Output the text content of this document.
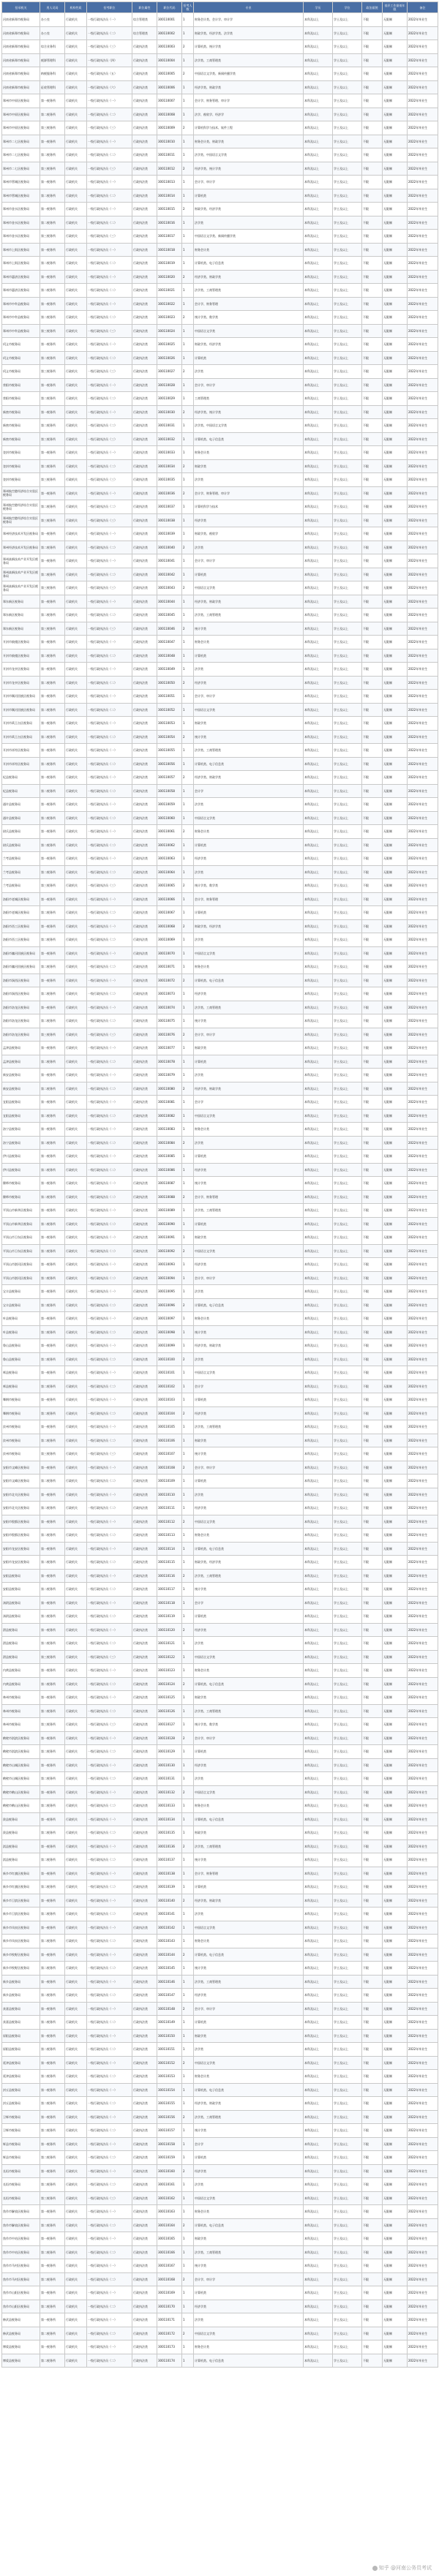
招录机关	用人司局	机构性质	招考职位	职位属性	职位代码	招考人数	专业	学历	学位	政治面貌	基层工作最低年限	备注
河南省新郑市税务局	办公室	行政机关	一级行政执法员（一）	综合管理类	300110001	1	财务会计类、会计学、审计学	本科及以上	学士及以上	不限	无限制	2022年毕业生
河南省新郑市税务局	办公室	行政机关	一级行政执法员（二）	综合管理类	300110002	1	财政学类、经济学类、法学类	本科及以上	学士及以上	不限	无限制	2022年毕业生
河南省新郑市税务局	综合业务科	行政机关	一级行政执法员（三）	行政执法类	300110003	2	计算机类、统计学类	本科及以上	学士及以上	不限	无限制	2022年毕业生
河南省新郑市税务局	税源管理科	行政机关	一级行政执法员（四）	行政执法类	300110004	1	法学类、工商管理类	本科及以上	学士及以上	不限	无限制	2022年毕业生
河南省新郑市税务局	纳税服务科	行政机关	一级行政执法员（五）	行政执法类	300110005	2	中国语言文学类、新闻传播学类	本科及以上	学士及以上	不限	无限制	2022年毕业生
河南省新郑市税务局	征收管理科	行政机关	一级行政执法员（六）	行政执法类	300110006	1	经济学类、财政学类	本科及以上	学士及以上	不限	无限制	2022年毕业生
郑州市中原区税务局	第一税务所	行政机关	一级行政执法员（一）	行政执法类	300110007	1	会计学、财务管理、审计学	本科及以上	学士及以上	不限	无限制	2022年毕业生
郑州市中原区税务局	第二税务所	行政机关	一级行政执法员（二）	行政执法类	300110008	1	法学、税收学、经济学	本科及以上	学士及以上	不限	无限制	2022年毕业生
郑州市中原区税务局	第三税务所	行政机关	一级行政执法员（三）	行政执法类	300110009	2	计算机科学与技术、软件工程	本科及以上	学士及以上	不限	无限制	2022年毕业生
郑州市二七区税务局	第一税务所	行政机关	一级行政执法员（一）	行政执法类	300110010	1	财务会计类、财政学类	本科及以上	学士及以上	不限	无限制	2022年毕业生
郑州市二七区税务局	第二税务所	行政机关	一级行政执法员（二）	行政执法类	300110011	1	法学类、中国语言文学类	本科及以上	学士及以上	不限	无限制	2022年毕业生
郑州市二七区税务局	第三税务所	行政机关	一级行政执法员（三）	行政执法类	300110012	2	经济学类、统计学类	本科及以上	学士及以上	不限	无限制	2022年毕业生
郑州市管城区税务局	第一税务所	行政机关	一级行政执法员（一）	行政执法类	300110013	1	会计学、审计学	本科及以上	学士及以上	不限	无限制	2022年毕业生
郑州市管城区税务局	第二税务所	行政机关	一级行政执法员（二）	行政执法类	300110014	1	计算机类	本科及以上	学士及以上	不限	无限制	2022年毕业生
郑州市金水区税务局	第一税务所	行政机关	一级行政执法员（一）	行政执法类	300110015	2	财政学类、经济学类	本科及以上	学士及以上	不限	无限制	2022年毕业生
郑州市金水区税务局	第二税务所	行政机关	一级行政执法员（二）	行政执法类	300110016	1	法学类	本科及以上	学士及以上	不限	无限制	2022年毕业生
郑州市金水区税务局	第三税务所	行政机关	一级行政执法员（三）	行政执法类	300110017	1	中国语言文学类、新闻传播学类	本科及以上	学士及以上	不限	无限制	2022年毕业生
郑州市上街区税务局	第一税务所	行政机关	一级行政执法员（一）	行政执法类	300110018	1	财务会计类	本科及以上	学士及以上	不限	无限制	2022年毕业生
郑州市上街区税务局	第二税务所	行政机关	一级行政执法员（二）	行政执法类	300110019	1	计算机类、电子信息类	本科及以上	学士及以上	不限	无限制	2022年毕业生
郑州市惠济区税务局	第一税务所	行政机关	一级行政执法员（一）	行政执法类	300110020	2	经济学类、财政学类	本科及以上	学士及以上	不限	无限制	2022年毕业生
郑州市惠济区税务局	第二税务所	行政机关	一级行政执法员（二）	行政执法类	300110021	1	法学类、工商管理类	本科及以上	学士及以上	不限	无限制	2022年毕业生
郑州市中牟县税务局	第一税务所	行政机关	一级行政执法员（一）	行政执法类	300110022	1	会计学、财务管理	本科及以上	学士及以上	不限	无限制	2022年毕业生
郑州市中牟县税务局	第二税务所	行政机关	一级行政执法员（二）	行政执法类	300110023	2	统计学类、数学类	本科及以上	学士及以上	不限	无限制	2022年毕业生
郑州市中牟县税务局	第三税务所	行政机关	一级行政执法员（三）	行政执法类	300110024	1	中国语言文学类	本科及以上	学士及以上	不限	无限制	2022年毕业生
巩义市税务局	第一税务所	行政机关	一级行政执法员（一）	行政执法类	300110025	1	财政学类、经济学类	本科及以上	学士及以上	不限	无限制	2022年毕业生
巩义市税务局	第二税务所	行政机关	一级行政执法员（二）	行政执法类	300110026	1	计算机类	本科及以上	学士及以上	不限	无限制	2022年毕业生
巩义市税务局	第三税务所	行政机关	一级行政执法员（三）	行政执法类	300110027	2	法学类	本科及以上	学士及以上	不限	无限制	2022年毕业生
荥阳市税务局	第一税务所	行政机关	一级行政执法员（一）	行政执法类	300110028	1	会计学、审计学	本科及以上	学士及以上	不限	无限制	2022年毕业生
荥阳市税务局	第二税务所	行政机关	一级行政执法员（二）	行政执法类	300110029	1	工商管理类	本科及以上	学士及以上	不限	无限制	2022年毕业生
新密市税务局	第一税务所	行政机关	一级行政执法员（一）	行政执法类	300110030	2	经济学类、统计学类	本科及以上	学士及以上	不限	无限制	2022年毕业生
新密市税务局	第二税务所	行政机关	一级行政执法员（二）	行政执法类	300110031	1	法学类、中国语言文学类	本科及以上	学士及以上	不限	无限制	2022年毕业生
新密市税务局	第三税务所	行政机关	一级行政执法员（三）	行政执法类	300110032	1	计算机类、电子信息类	本科及以上	学士及以上	不限	无限制	2022年毕业生
登封市税务局	第一税务所	行政机关	一级行政执法员（一）	行政执法类	300110033	1	财务会计类	本科及以上	学士及以上	不限	无限制	2022年毕业生
登封市税务局	第二税务所	行政机关	一级行政执法员（二）	行政执法类	300110034	2	财政学类	本科及以上	学士及以上	不限	无限制	2022年毕业生
登封市税务局	第三税务所	行政机关	一级行政执法员（三）	行政执法类	300110035	1	法学类	本科及以上	学士及以上	不限	无限制	2022年毕业生
郑州航空港经济综合实验区税务局	第一税务所	行政机关	一级行政执法员（一）	行政执法类	300110036	2	会计学、财务管理、审计学	本科及以上	学士及以上	不限	无限制	2022年毕业生
郑州航空港经济综合实验区税务局	第二税务所	行政机关	一级行政执法员（二）	行政执法类	300110037	1	计算机科学与技术	本科及以上	学士及以上	不限	无限制	2022年毕业生
郑州航空港经济综合实验区税务局	第三税务所	行政机关	一级行政执法员（三）	行政执法类	300110038	1	经济学类	本科及以上	学士及以上	不限	无限制	2022年毕业生
郑州经济技术开发区税务局	第一税务所	行政机关	一级行政执法员（一）	行政执法类	300110039	1	财政学类、税收学	本科及以上	学士及以上	不限	无限制	2022年毕业生
郑州经济技术开发区税务局	第二税务所	行政机关	一级行政执法员（二）	行政执法类	300110040	2	法学类	本科及以上	学士及以上	不限	无限制	2022年毕业生
郑州高新技术产业开发区税务局	第一税务所	行政机关	一级行政执法员（一）	行政执法类	300110041	1	会计学、审计学	本科及以上	学士及以上	不限	无限制	2022年毕业生
郑州高新技术产业开发区税务局	第二税务所	行政机关	一级行政执法员（二）	行政执法类	300110042	1	计算机类	本科及以上	学士及以上	不限	无限制	2022年毕业生
郑州高新技术产业开发区税务局	第三税务所	行政机关	一级行政执法员（三）	行政执法类	300110043	2	中国语言文学类	本科及以上	学士及以上	不限	无限制	2022年毕业生
郑东新区税务局	第一税务所	行政机关	一级行政执法员（一）	行政执法类	300110044	1	经济学类、财政学类	本科及以上	学士及以上	不限	无限制	2022年毕业生
郑东新区税务局	第二税务所	行政机关	一级行政执法员（二）	行政执法类	300110045	1	法学类、工商管理类	本科及以上	学士及以上	不限	无限制	2022年毕业生
郑东新区税务局	第三税务所	行政机关	一级行政执法员（三）	行政执法类	300110046	2	统计学类	本科及以上	学士及以上	不限	无限制	2022年毕业生
开封市鼓楼区税务局	第一税务所	行政机关	一级行政执法员（一）	行政执法类	300110047	1	财务会计类	本科及以上	学士及以上	不限	无限制	2022年毕业生
开封市鼓楼区税务局	第二税务所	行政机关	一级行政执法员（二）	行政执法类	300110048	1	计算机类	本科及以上	学士及以上	不限	无限制	2022年毕业生
开封市龙亭区税务局	第一税务所	行政机关	一级行政执法员（一）	行政执法类	300110049	1	法学类	本科及以上	学士及以上	不限	无限制	2022年毕业生
开封市龙亭区税务局	第二税务所	行政机关	一级行政执法员（二）	行政执法类	300110050	2	经济学类	本科及以上	学士及以上	不限	无限制	2022年毕业生
开封市顺河回族区税务局	第一税务所	行政机关	一级行政执法员（一）	行政执法类	300110051	1	会计学、审计学	本科及以上	学士及以上	不限	无限制	2022年毕业生
开封市顺河回族区税务局	第二税务所	行政机关	一级行政执法员（二）	行政执法类	300110052	1	中国语言文学类	本科及以上	学士及以上	不限	无限制	2022年毕业生
开封市禹王台区税务局	第一税务所	行政机关	一级行政执法员（一）	行政执法类	300110053	1	财政学类	本科及以上	学士及以上	不限	无限制	2022年毕业生
开封市禹王台区税务局	第二税务所	行政机关	一级行政执法员（二）	行政执法类	300110054	2	统计学类	本科及以上	学士及以上	不限	无限制	2022年毕业生
开封市祥符区税务局	第一税务所	行政机关	一级行政执法员（一）	行政执法类	300110055	1	法学类、工商管理类	本科及以上	学士及以上	不限	无限制	2022年毕业生
开封市祥符区税务局	第二税务所	行政机关	一级行政执法员（二）	行政执法类	300110056	1	计算机类、电子信息类	本科及以上	学士及以上	不限	无限制	2022年毕业生
杞县税务局	第一税务所	行政机关	一级行政执法员（一）	行政执法类	300110057	2	经济学类、财政学类	本科及以上	学士及以上	不限	无限制	2022年毕业生
杞县税务局	第二税务所	行政机关	一级行政执法员（二）	行政执法类	300110058	1	会计学	本科及以上	学士及以上	不限	无限制	2022年毕业生
通许县税务局	第一税务所	行政机关	一级行政执法员（一）	行政执法类	300110059	1	法学类	本科及以上	学士及以上	不限	无限制	2022年毕业生
通许县税务局	第二税务所	行政机关	一级行政执法员（二）	行政执法类	300110060	1	中国语言文学类	本科及以上	学士及以上	不限	无限制	2022年毕业生
尉氏县税务局	第一税务所	行政机关	一级行政执法员（一）	行政执法类	300110061	2	财务会计类	本科及以上	学士及以上	不限	无限制	2022年毕业生
尉氏县税务局	第二税务所	行政机关	一级行政执法员（二）	行政执法类	300110062	1	计算机类	本科及以上	学士及以上	不限	无限制	2022年毕业生
兰考县税务局	第一税务所	行政机关	一级行政执法员（一）	行政执法类	300110063	1	经济学类	本科及以上	学士及以上	不限	无限制	2022年毕业生
兰考县税务局	第二税务所	行政机关	一级行政执法员（二）	行政执法类	300110064	1	法学类	本科及以上	学士及以上	不限	无限制	2022年毕业生
兰考县税务局	第三税务所	行政机关	一级行政执法员（三）	行政执法类	300110065	2	统计学类、数学类	本科及以上	学士及以上	不限	无限制	2022年毕业生
洛阳市老城区税务局	第一税务所	行政机关	一级行政执法员（一）	行政执法类	300110066	1	会计学、财务管理	本科及以上	学士及以上	不限	无限制	2022年毕业生
洛阳市老城区税务局	第二税务所	行政机关	一级行政执法员（二）	行政执法类	300110067	1	计算机类	本科及以上	学士及以上	不限	无限制	2022年毕业生
洛阳市西工区税务局	第一税务所	行政机关	一级行政执法员（一）	行政执法类	300110068	2	财政学类、经济学类	本科及以上	学士及以上	不限	无限制	2022年毕业生
洛阳市西工区税务局	第二税务所	行政机关	一级行政执法员（二）	行政执法类	300110069	1	法学类	本科及以上	学士及以上	不限	无限制	2022年毕业生
洛阳市瀍河回族区税务局	第一税务所	行政机关	一级行政执法员（一）	行政执法类	300110070	1	中国语言文学类	本科及以上	学士及以上	不限	无限制	2022年毕业生
洛阳市瀍河回族区税务局	第二税务所	行政机关	一级行政执法员（二）	行政执法类	300110071	1	财务会计类	本科及以上	学士及以上	不限	无限制	2022年毕业生
洛阳市涧西区税务局	第一税务所	行政机关	一级行政执法员（一）	行政执法类	300110072	2	计算机类、电子信息类	本科及以上	学士及以上	不限	无限制	2022年毕业生
洛阳市涧西区税务局	第二税务所	行政机关	一级行政执法员（二）	行政执法类	300110073	1	经济学类	本科及以上	学士及以上	不限	无限制	2022年毕业生
洛阳市洛龙区税务局	第一税务所	行政机关	一级行政执法员（一）	行政执法类	300110074	1	法学类、工商管理类	本科及以上	学士及以上	不限	无限制	2022年毕业生
洛阳市洛龙区税务局	第二税务所	行政机关	一级行政执法员（二）	行政执法类	300110075	1	统计学类	本科及以上	学士及以上	不限	无限制	2022年毕业生
洛阳市洛龙区税务局	第三税务所	行政机关	一级行政执法员（三）	行政执法类	300110076	2	会计学、审计学	本科及以上	学士及以上	不限	无限制	2022年毕业生
孟津县税务局	第一税务所	行政机关	一级行政执法员（一）	行政执法类	300110077	1	财政学类	本科及以上	学士及以上	不限	无限制	2022年毕业生
孟津县税务局	第二税务所	行政机关	一级行政执法员（二）	行政执法类	300110078	1	计算机类	本科及以上	学士及以上	不限	无限制	2022年毕业生
新安县税务局	第一税务所	行政机关	一级行政执法员（一）	行政执法类	300110079	1	法学类	本科及以上	学士及以上	不限	无限制	2022年毕业生
新安县税务局	第二税务所	行政机关	一级行政执法员（二）	行政执法类	300110080	2	经济学类、财政学类	本科及以上	学士及以上	不限	无限制	2022年毕业生
宜阳县税务局	第一税务所	行政机关	一级行政执法员（一）	行政执法类	300110081	1	会计学	本科及以上	学士及以上	不限	无限制	2022年毕业生
宜阳县税务局	第二税务所	行政机关	一级行政执法员（二）	行政执法类	300110082	1	中国语言文学类	本科及以上	学士及以上	不限	无限制	2022年毕业生
洛宁县税务局	第一税务所	行政机关	一级行政执法员（一）	行政执法类	300110083	1	财务会计类	本科及以上	学士及以上	不限	无限制	2022年毕业生
洛宁县税务局	第二税务所	行政机关	一级行政执法员（二）	行政执法类	300110084	2	法学类	本科及以上	学士及以上	不限	无限制	2022年毕业生
伊川县税务局	第一税务所	行政机关	一级行政执法员（一）	行政执法类	300110085	1	计算机类	本科及以上	学士及以上	不限	无限制	2022年毕业生
伊川县税务局	第二税务所	行政机关	一级行政执法员（二）	行政执法类	300110086	1	经济学类	本科及以上	学士及以上	不限	无限制	2022年毕业生
偃师市税务局	第一税务所	行政机关	一级行政执法员（一）	行政执法类	300110087	1	统计学类	本科及以上	学士及以上	不限	无限制	2022年毕业生
偃师市税务局	第二税务所	行政机关	一级行政执法员（二）	行政执法类	300110088	2	会计学、财务管理	本科及以上	学士及以上	不限	无限制	2022年毕业生
平顶山市新华区税务局	第一税务所	行政机关	一级行政执法员（一）	行政执法类	300110089	1	法学类、工商管理类	本科及以上	学士及以上	不限	无限制	2022年毕业生
平顶山市新华区税务局	第二税务所	行政机关	一级行政执法员（二）	行政执法类	300110090	1	计算机类	本科及以上	学士及以上	不限	无限制	2022年毕业生
平顶山市卫东区税务局	第一税务所	行政机关	一级行政执法员（一）	行政执法类	300110091	1	财政学类	本科及以上	学士及以上	不限	无限制	2022年毕业生
平顶山市卫东区税务局	第二税务所	行政机关	一级行政执法员（二）	行政执法类	300110092	2	中国语言文学类	本科及以上	学士及以上	不限	无限制	2022年毕业生
平顶山市湛河区税务局	第一税务所	行政机关	一级行政执法员（一）	行政执法类	300110093	1	经济学类	本科及以上	学士及以上	不限	无限制	2022年毕业生
平顶山市湛河区税务局	第二税务所	行政机关	一级行政执法员（二）	行政执法类	300110094	1	会计学、审计学	本科及以上	学士及以上	不限	无限制	2022年毕业生
宝丰县税务局	第一税务所	行政机关	一级行政执法员（一）	行政执法类	300110095	1	法学类	本科及以上	学士及以上	不限	无限制	2022年毕业生
宝丰县税务局	第二税务所	行政机关	一级行政执法员（二）	行政执法类	300110096	2	计算机类、电子信息类	本科及以上	学士及以上	不限	无限制	2022年毕业生
叶县税务局	第一税务所	行政机关	一级行政执法员（一）	行政执法类	300110097	1	财务会计类	本科及以上	学士及以上	不限	无限制	2022年毕业生
叶县税务局	第二税务所	行政机关	一级行政执法员（二）	行政执法类	300110098	1	统计学类	本科及以上	学士及以上	不限	无限制	2022年毕业生
鲁山县税务局	第一税务所	行政机关	一级行政执法员（一）	行政执法类	300110099	1	经济学类、财政学类	本科及以上	学士及以上	不限	无限制	2022年毕业生
鲁山县税务局	第二税务所	行政机关	一级行政执法员（二）	行政执法类	300110100	2	法学类	本科及以上	学士及以上	不限	无限制	2022年毕业生
郏县税务局	第一税务所	行政机关	一级行政执法员（一）	行政执法类	300110101	1	中国语言文学类	本科及以上	学士及以上	不限	无限制	2022年毕业生
郏县税务局	第二税务所	行政机关	一级行政执法员（二）	行政执法类	300110102	1	会计学	本科及以上	学士及以上	不限	无限制	2022年毕业生
舞钢市税务局	第一税务所	行政机关	一级行政执法员（一）	行政执法类	300110103	1	计算机类	本科及以上	学士及以上	不限	无限制	2022年毕业生
舞钢市税务局	第二税务所	行政机关	一级行政执法员（二）	行政执法类	300110104	2	经济学类	本科及以上	学士及以上	不限	无限制	2022年毕业生
汝州市税务局	第一税务所	行政机关	一级行政执法员（一）	行政执法类	300110105	1	法学类、工商管理类	本科及以上	学士及以上	不限	无限制	2022年毕业生
汝州市税务局	第二税务所	行政机关	一级行政执法员（二）	行政执法类	300110106	1	财政学类	本科及以上	学士及以上	不限	无限制	2022年毕业生
汝州市税务局	第三税务所	行政机关	一级行政执法员（三）	行政执法类	300110107	1	统计学类	本科及以上	学士及以上	不限	无限制	2022年毕业生
安阳市文峰区税务局	第一税务所	行政机关	一级行政执法员（一）	行政执法类	300110108	2	会计学、审计学	本科及以上	学士及以上	不限	无限制	2022年毕业生
安阳市文峰区税务局	第二税务所	行政机关	一级行政执法员（二）	行政执法类	300110109	1	计算机类	本科及以上	学士及以上	不限	无限制	2022年毕业生
安阳市北关区税务局	第一税务所	行政机关	一级行政执法员（一）	行政执法类	300110110	1	法学类	本科及以上	学士及以上	不限	无限制	2022年毕业生
安阳市北关区税务局	第二税务所	行政机关	一级行政执法员（二）	行政执法类	300110111	1	经济学类	本科及以上	学士及以上	不限	无限制	2022年毕业生
安阳市殷都区税务局	第一税务所	行政机关	一级行政执法员（一）	行政执法类	300110112	2	中国语言文学类	本科及以上	学士及以上	不限	无限制	2022年毕业生
安阳市殷都区税务局	第二税务所	行政机关	一级行政执法员（二）	行政执法类	300110113	1	财务会计类	本科及以上	学士及以上	不限	无限制	2022年毕业生
安阳市龙安区税务局	第一税务所	行政机关	一级行政执法员（一）	行政执法类	300110114	1	计算机类、电子信息类	本科及以上	学士及以上	不限	无限制	2022年毕业生
安阳市龙安区税务局	第二税务所	行政机关	一级行政执法员（二）	行政执法类	300110115	1	财政学类、经济学类	本科及以上	学士及以上	不限	无限制	2022年毕业生
安阳县税务局	第一税务所	行政机关	一级行政执法员（一）	行政执法类	300110116	2	法学类、工商管理类	本科及以上	学士及以上	不限	无限制	2022年毕业生
安阳县税务局	第二税务所	行政机关	一级行政执法员（二）	行政执法类	300110117	1	统计学类	本科及以上	学士及以上	不限	无限制	2022年毕业生
汤阴县税务局	第一税务所	行政机关	一级行政执法员（一）	行政执法类	300110118	1	会计学	本科及以上	学士及以上	不限	无限制	2022年毕业生
汤阴县税务局	第二税务所	行政机关	一级行政执法员（二）	行政执法类	300110119	1	计算机类	本科及以上	学士及以上	不限	无限制	2022年毕业生
滑县税务局	第一税务所	行政机关	一级行政执法员（一）	行政执法类	300110120	2	经济学类	本科及以上	学士及以上	不限	无限制	2022年毕业生
滑县税务局	第二税务所	行政机关	一级行政执法员（二）	行政执法类	300110121	1	法学类	本科及以上	学士及以上	不限	无限制	2022年毕业生
滑县税务局	第三税务所	行政机关	一级行政执法员（三）	行政执法类	300110122	1	中国语言文学类	本科及以上	学士及以上	不限	无限制	2022年毕业生
内黄县税务局	第一税务所	行政机关	一级行政执法员（一）	行政执法类	300110123	1	财务会计类	本科及以上	学士及以上	不限	无限制	2022年毕业生
内黄县税务局	第二税务所	行政机关	一级行政执法员（二）	行政执法类	300110124	2	计算机类、电子信息类	本科及以上	学士及以上	不限	无限制	2022年毕业生
林州市税务局	第一税务所	行政机关	一级行政执法员（一）	行政执法类	300110125	1	财政学类	本科及以上	学士及以上	不限	无限制	2022年毕业生
林州市税务局	第二税务所	行政机关	一级行政执法员（二）	行政执法类	300110126	1	法学类、工商管理类	本科及以上	学士及以上	不限	无限制	2022年毕业生
林州市税务局	第三税务所	行政机关	一级行政执法员（三）	行政执法类	300110127	1	统计学类、数学类	本科及以上	学士及以上	不限	无限制	2022年毕业生
鹤壁市淇滨区税务局	第一税务所	行政机关	一级行政执法员（一）	行政执法类	300110128	2	会计学、审计学	本科及以上	学士及以上	不限	无限制	2022年毕业生
鹤壁市淇滨区税务局	第二税务所	行政机关	一级行政执法员（二）	行政执法类	300110129	1	计算机类	本科及以上	学士及以上	不限	无限制	2022年毕业生
鹤壁市山城区税务局	第一税务所	行政机关	一级行政执法员（一）	行政执法类	300110130	1	经济学类	本科及以上	学士及以上	不限	无限制	2022年毕业生
鹤壁市山城区税务局	第二税务所	行政机关	一级行政执法员（二）	行政执法类	300110131	1	法学类	本科及以上	学士及以上	不限	无限制	2022年毕业生
鹤壁市鹤山区税务局	第一税务所	行政机关	一级行政执法员（一）	行政执法类	300110132	2	中国语言文学类	本科及以上	学士及以上	不限	无限制	2022年毕业生
鹤壁市鹤山区税务局	第二税务所	行政机关	一级行政执法员（二）	行政执法类	300110133	1	财务会计类	本科及以上	学士及以上	不限	无限制	2022年毕业生
浚县税务局	第一税务所	行政机关	一级行政执法员（一）	行政执法类	300110134	1	计算机类、电子信息类	本科及以上	学士及以上	不限	无限制	2022年毕业生
浚县税务局	第二税务所	行政机关	一级行政执法员（二）	行政执法类	300110135	1	财政学类	本科及以上	学士及以上	不限	无限制	2022年毕业生
淇县税务局	第一税务所	行政机关	一级行政执法员（一）	行政执法类	300110136	2	法学类、工商管理类	本科及以上	学士及以上	不限	无限制	2022年毕业生
淇县税务局	第二税务所	行政机关	一级行政执法员（二）	行政执法类	300110137	1	统计学类	本科及以上	学士及以上	不限	无限制	2022年毕业生
新乡市红旗区税务局	第一税务所	行政机关	一级行政执法员（一）	行政执法类	300110138	1	会计学、财务管理	本科及以上	学士及以上	不限	无限制	2022年毕业生
新乡市红旗区税务局	第二税务所	行政机关	一级行政执法员（二）	行政执法类	300110139	1	计算机类	本科及以上	学士及以上	不限	无限制	2022年毕业生
新乡市卫滨区税务局	第一税务所	行政机关	一级行政执法员（一）	行政执法类	300110140	2	经济学类、财政学类	本科及以上	学士及以上	不限	无限制	2022年毕业生
新乡市卫滨区税务局	第二税务所	行政机关	一级行政执法员（二）	行政执法类	300110141	1	法学类	本科及以上	学士及以上	不限	无限制	2022年毕业生
新乡市凤泉区税务局	第一税务所	行政机关	一级行政执法员（一）	行政执法类	300110142	1	中国语言文学类	本科及以上	学士及以上	不限	无限制	2022年毕业生
新乡市凤泉区税务局	第二税务所	行政机关	一级行政执法员（二）	行政执法类	300110143	1	财务会计类	本科及以上	学士及以上	不限	无限制	2022年毕业生
新乡市牧野区税务局	第一税务所	行政机关	一级行政执法员（一）	行政执法类	300110144	2	计算机类、电子信息类	本科及以上	学士及以上	不限	无限制	2022年毕业生
新乡市牧野区税务局	第二税务所	行政机关	一级行政执法员（二）	行政执法类	300110145	1	统计学类	本科及以上	学士及以上	不限	无限制	2022年毕业生
新乡县税务局	第一税务所	行政机关	一级行政执法员（一）	行政执法类	300110146	1	法学类、工商管理类	本科及以上	学士及以上	不限	无限制	2022年毕业生
新乡县税务局	第二税务所	行政机关	一级行政执法员（二）	行政执法类	300110147	1	经济学类	本科及以上	学士及以上	不限	无限制	2022年毕业生
获嘉县税务局	第一税务所	行政机关	一级行政执法员（一）	行政执法类	300110148	2	会计学、审计学	本科及以上	学士及以上	不限	无限制	2022年毕业生
获嘉县税务局	第二税务所	行政机关	一级行政执法员（二）	行政执法类	300110149	1	计算机类	本科及以上	学士及以上	不限	无限制	2022年毕业生
原阳县税务局	第一税务所	行政机关	一级行政执法员（一）	行政执法类	300110150	1	财政学类	本科及以上	学士及以上	不限	无限制	2022年毕业生
原阳县税务局	第二税务所	行政机关	一级行政执法员（二）	行政执法类	300110151	1	法学类	本科及以上	学士及以上	不限	无限制	2022年毕业生
延津县税务局	第一税务所	行政机关	一级行政执法员（一）	行政执法类	300110152	2	中国语言文学类	本科及以上	学士及以上	不限	无限制	2022年毕业生
延津县税务局	第二税务所	行政机关	一级行政执法员（二）	行政执法类	300110153	1	财务会计类	本科及以上	学士及以上	不限	无限制	2022年毕业生
封丘县税务局	第一税务所	行政机关	一级行政执法员（一）	行政执法类	300110154	1	计算机类、电子信息类	本科及以上	学士及以上	不限	无限制	2022年毕业生
封丘县税务局	第二税务所	行政机关	一级行政执法员（二）	行政执法类	300110155	1	经济学类、财政学类	本科及以上	学士及以上	不限	无限制	2022年毕业生
卫辉市税务局	第一税务所	行政机关	一级行政执法员（一）	行政执法类	300110156	2	法学类、工商管理类	本科及以上	学士及以上	不限	无限制	2022年毕业生
卫辉市税务局	第二税务所	行政机关	一级行政执法员（二）	行政执法类	300110157	1	统计学类	本科及以上	学士及以上	不限	无限制	2022年毕业生
辉县市税务局	第一税务所	行政机关	一级行政执法员（一）	行政执法类	300110158	1	会计学	本科及以上	学士及以上	不限	无限制	2022年毕业生
辉县市税务局	第二税务所	行政机关	一级行政执法员（二）	行政执法类	300110159	1	计算机类	本科及以上	学士及以上	不限	无限制	2022年毕业生
长垣市税务局	第一税务所	行政机关	一级行政执法员（一）	行政执法类	300110160	2	经济学类	本科及以上	学士及以上	不限	无限制	2022年毕业生
长垣市税务局	第二税务所	行政机关	一级行政执法员（二）	行政执法类	300110161	1	法学类	本科及以上	学士及以上	不限	无限制	2022年毕业生
长垣市税务局	第三税务所	行政机关	一级行政执法员（三）	行政执法类	300110162	1	中国语言文学类	本科及以上	学士及以上	不限	无限制	2022年毕业生
焦作市解放区税务局	第一税务所	行政机关	一级行政执法员（一）	行政执法类	300110163	1	财务会计类	本科及以上	学士及以上	不限	无限制	2022年毕业生
焦作市解放区税务局	第二税务所	行政机关	一级行政执法员（二）	行政执法类	300110164	2	计算机类、电子信息类	本科及以上	学士及以上	不限	无限制	2022年毕业生
焦作市中站区税务局	第一税务所	行政机关	一级行政执法员（一）	行政执法类	300110165	1	财政学类	本科及以上	学士及以上	不限	无限制	2022年毕业生
焦作市中站区税务局	第二税务所	行政机关	一级行政执法员（二）	行政执法类	300110166	1	法学类、工商管理类	本科及以上	学士及以上	不限	无限制	2022年毕业生
焦作市马村区税务局	第一税务所	行政机关	一级行政执法员（一）	行政执法类	300110167	1	统计学类	本科及以上	学士及以上	不限	无限制	2022年毕业生
焦作市马村区税务局	第二税务所	行政机关	一级行政执法员（二）	行政执法类	300110168	2	会计学、审计学	本科及以上	学士及以上	不限	无限制	2022年毕业生
焦作市山阳区税务局	第一税务所	行政机关	一级行政执法员（一）	行政执法类	300110169	1	计算机类	本科及以上	学士及以上	不限	无限制	2022年毕业生
焦作市山阳区税务局	第二税务所	行政机关	一级行政执法员（二）	行政执法类	300110170	1	经济学类	本科及以上	学士及以上	不限	无限制	2022年毕业生
修武县税务局	第一税务所	行政机关	一级行政执法员（一）	行政执法类	300110171	1	法学类	本科及以上	学士及以上	不限	无限制	2022年毕业生
修武县税务局	第二税务所	行政机关	一级行政执法员（二）	行政执法类	300110172	2	中国语言文学类	本科及以上	学士及以上	不限	无限制	2022年毕业生
博爱县税务局	第一税务所	行政机关	一级行政执法员（一）	行政执法类	300110173	1	财务会计类	本科及以上	学士及以上	不限	无限制	2022年毕业生
博爱县税务局	第二税务所	行政机关	一级行政执法员（二）	行政执法类	300110174	1	计算机类、电子信息类	本科及以上	学士及以上	不限	无限制	2022年毕业生
知乎 @河南公务员考试
